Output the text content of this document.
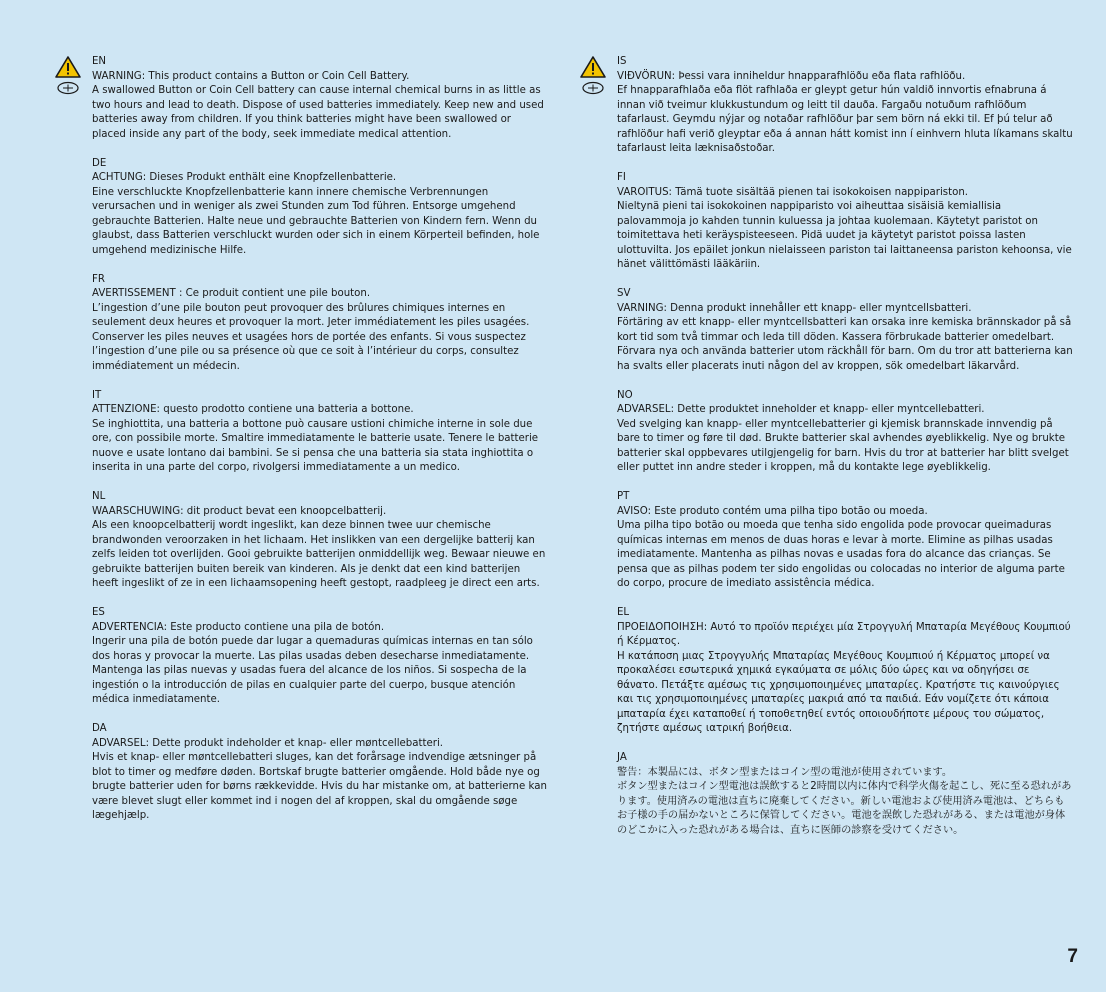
EN

WARNING: This product contains a Button or Coin Cell Battery.

A swallowed Button or Coin Cell battery can cause internal chemical burns in as little as two hours and lead to death. Dispose of used batteries immediately. Keep new and used batteries away from children. If you think batteries might have been swallowed or placed inside any part of the body, seek immediate medical attention.

DE

ACHTUNG: Dieses Produkt enthält eine Knopfzellenbatterie.

Eine verschluckte Knopfzellenbatterie kann innere chemische Verbrennungen verursachen und in weniger als zwei Stunden zum Tod führen. Entsorge umgehend gebrauchte Batterien. Halte neue und gebrauchte Batterien von Kindern fern. Wenn du glaubst, dass Batterien verschluckt wurden oder sich in einem Körperteil befinden, hole umgehend medizinische Hilfe.

FR

AVERTISSEMENT : Ce produit contient une pile bouton.

L’ingestion d’une pile bouton peut provoquer des brûlures chimiques internes en seulement deux heures et provoquer la mort. Jeter immédiatement les piles usagées. Conserver les piles neuves et usagées hors de portée des enfants. Si vous suspectez l’ingestion d’une pile ou sa présence où que ce soit à l’intérieur du corps, consultez immédiatement un médecin.

IT

ATTENZIONE: questo prodotto contiene una batteria a bottone.

Se inghiottita, una batteria a bottone può causare ustioni chimiche interne in sole due ore, con possibile morte. Smaltire immediatamente le batterie usate. Tenere le batterie nuove e usate lontano dai bambini. Se si pensa che una batteria sia stata inghiottita o inserita in una parte del corpo, rivolgersi immediatamente a un medico.

NL

WAARSCHUWING: dit product bevat een knoopcelbatterij.

Als een knoopcelbatterij wordt ingeslikt, kan deze binnen twee uur chemische brandwonden veroorzaken in het lichaam. Het inslikken van een dergelijke batterij kan zelfs leiden tot overlijden. Gooi gebruikte batterijen onmiddellijk weg. Bewaar nieuwe en gebruikte batterijen buiten bereik van kinderen. Als je denkt dat een kind batterijen heeft ingeslikt of ze in een lichaamsopening heeft gestopt, raadpleeg je direct een arts.

ES

ADVERTENCIA: Este producto contiene una pila de botón.

Ingerir una pila de botón puede dar lugar a quemaduras químicas internas en tan sólo dos horas y provocar la muerte. Las pilas usadas deben desecharse inmediatamente. Mantenga las pilas nuevas y usadas fuera del alcance de los niños. Si sospecha de la ingestión o la introducción de pilas en cualquier parte del cuerpo, busque atención médica inmediatamente.

DA

ADVARSEL: Dette produkt indeholder et knap- eller møntcellebatteri.

Hvis et knap- eller møntcellebatteri sluges, kan det forårsage indvendige ætsninger på blot to timer og medføre døden. Bortskaf brugte batterier omgående. Hold både nye og brugte batterier uden for børns rækkevidde. Hvis du har mistanke om, at batterierne kan være blevet slugt eller kommet ind i nogen del af kroppen, skal du omgående søge lægehjælp.

IS

VIÐVÖRUN: Þessi vara inniheldur hnapparafhlöðu eða flata rafhlöðu.

Ef hnapparafhlaða eða flöt rafhlaða er gleypt getur hún valdið innvortis efnabruna á innan við tveimur klukkustundum og leitt til dauða. Fargaðu notuðum rafhlöðum tafarlaust. Geymdu nýjar og notaðar rafhlöður þar sem börn ná ekki til. Ef þú telur að rafhlöður hafi verið gleyptar eða á annan hátt komist inn í einhvern hluta líkamans skaltu tafarlaust leita læknisaðstoðar.

FI

VAROITUS: Tämä tuote sisältää pienen tai isokokoisen nappipariston.

Nieltynä pieni tai isokokoinen nappiparisto voi aiheuttaa sisäisiä kemiallisia palovammoja jo kahden tunnin kuluessa ja johtaa kuolemaan. Käytetyt paristot on toimitettava heti keräyspisteeseen. Pidä uudet ja käytetyt paristot poissa lasten ulottuvilta. Jos epäilet jonkun nielaisseen pariston tai laittaneensa pariston kehoonsa, vie hänet välittömästi lääkäriin.

SV

VARNING: Denna produkt innehåller ett knapp- eller myntcellsbatteri.

Förtäring av ett knapp- eller myntcellsbatteri kan orsaka inre kemiska brännskador på så kort tid som två timmar och leda till döden. Kassera förbrukade batterier omedelbart. Förvara nya och använda batterier utom räckhåll för barn. Om du tror att batterierna kan ha svalts eller placerats inuti någon del av kroppen, sök omedelbart läkarvård.

NO

ADVARSEL: Dette produktet inneholder et knapp- eller myntcellebatteri.

Ved svelging kan knapp- eller myntcellebatterier gi kjemisk brannskade innvendig på bare to timer og føre til død. Brukte batterier skal avhendes øyeblikkelig. Nye og brukte batterier skal oppbevares utilgjengelig for barn. Hvis du tror at batterier har blitt svelget eller puttet inn andre steder i kroppen, må du kontakte lege øyeblikkelig.

PT

AVISO: Este produto contém uma pilha tipo botão ou moeda.

Uma pilha tipo botão ou moeda que tenha sido engolida pode provocar queimaduras químicas internas em menos de duas horas e levar à morte. Elimine as pilhas usadas imediatamente. Mantenha as pilhas novas e usadas fora do alcance das crianças. Se pensa que as pilhas podem ter sido engolidas ou colocadas no interior de alguma parte do corpo, procure de imediato assistência médica.

EL

ΠΡΟΕΙΔΟΠΟΙΗΣΗ: Αυτό το προϊόν περιέχει μία Στρογγυλή Μπαταρία Μεγέθους Κουμπιού ή Κέρματος.

Η κατάποση μιας Στρογγυλής Μπαταρίας Μεγέθους Κουμπιού ή Κέρματος μπορεί να προκαλέσει εσωτερικά χημικά εγκαύματα σε μόλις δύο ώρες και να οδηγήσει σε θάνατο. Πετάξτε αμέσως τις χρησιμοποιημένες μπαταρίες. Κρατήστε τις καινούργιες και τις χρησιμοποιημένες μπαταρίες μακριά από τα παιδιά. Εάν νομίζετε ότι κάποια μπαταρία έχει καταποθεί ή τοποθετηθεί εντός οποιουδήποτε μέρους του σώματος, ζητήστε αμέσως ιατρική βοήθεια.

JA

警告：本製品には、ボタン型またはコイン型の電池が使用されています。

ボタン型またはコイン型電池は誤飲すると2時間以内に体内で科学火傷を起こし、死に至る恐れがあります。使用済みの電池は直ちに廃棄してください。新しい電池および使用済み電池は、どちらもお子様の手の届かないところに保管してください。電池を誤飲した恐れがある、または電池が身体のどこかに入った恐れがある場合は、直ちに医師の診察を受けてください。

7
